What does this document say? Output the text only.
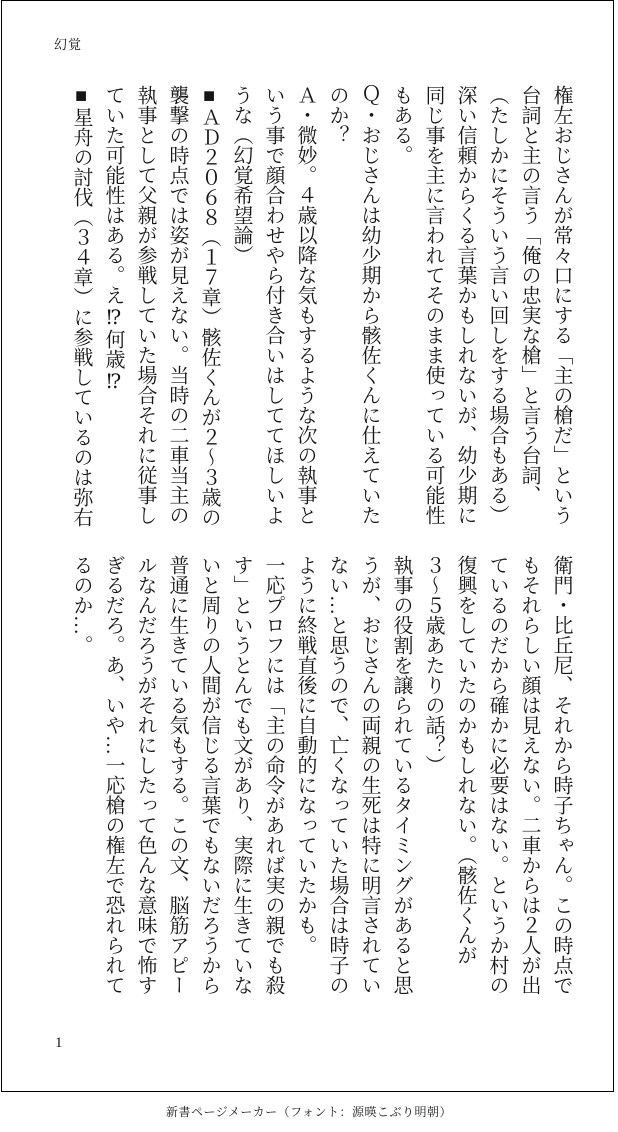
幻覚
権左おじさんが常々口にする「主の槍だ」という
台詞と主の言う「俺の忠実な槍」と言う台詞、
（たしかにそういう言い回しをする場合もある）
深い信頼からくる言葉かもしれないが、幼少期に
同じ事を主に言われてそのまま使っている可能性
もある。
Ｑ・おじさんは幼少期から骸佐くんに仕えていた
のか？
Ａ・微妙。４歳以降な気もするような次の執事と
いう事で顔合わせやら付き合いはしててほしいよ
うな（幻覚希望論）
■ＡＤ２０６８（１７章）骸佐くんが２～３歳の
襲撃の時点では姿が見えない。当時の二車当主の
執事として父親が参戦していた場合それに従事し
ていた可能性はある。え⁉何歳⁉
■星舟の討伐（３４章）に参戦しているのは弥右
衛門・比丘尼、それから時子ちゃん。この時点で
もそれらしい顔は見えない。二車からは２人が出
ているのだから確かに必要はない。というか村の
復興をしていたのかもしれない。（骸佐くんが
３～５歳あたりの話？）
執事の役割を譲られているタイミングがあると思
うが、おじさんの両親の生死は特に明言されてい
ない…と思うので、亡くなっていた場合は時子の
ように終戦直後に自動的になっていたかも。
一応プロフには「主の命令があれば実の親でも殺
す」というとんでも文があり、実際に生きていな
いと周りの人間が信じる言葉でもないだろうから
普通に生きている気もする。この文、脳筋アピー
ルなんだろうがそれにしたって色んな意味で怖す
ぎるだろ。あ、いや…一応槍の権左で恐れられて
るのか…。
1
新書ページメーカー（フォント：源暎こぶり明朝）
